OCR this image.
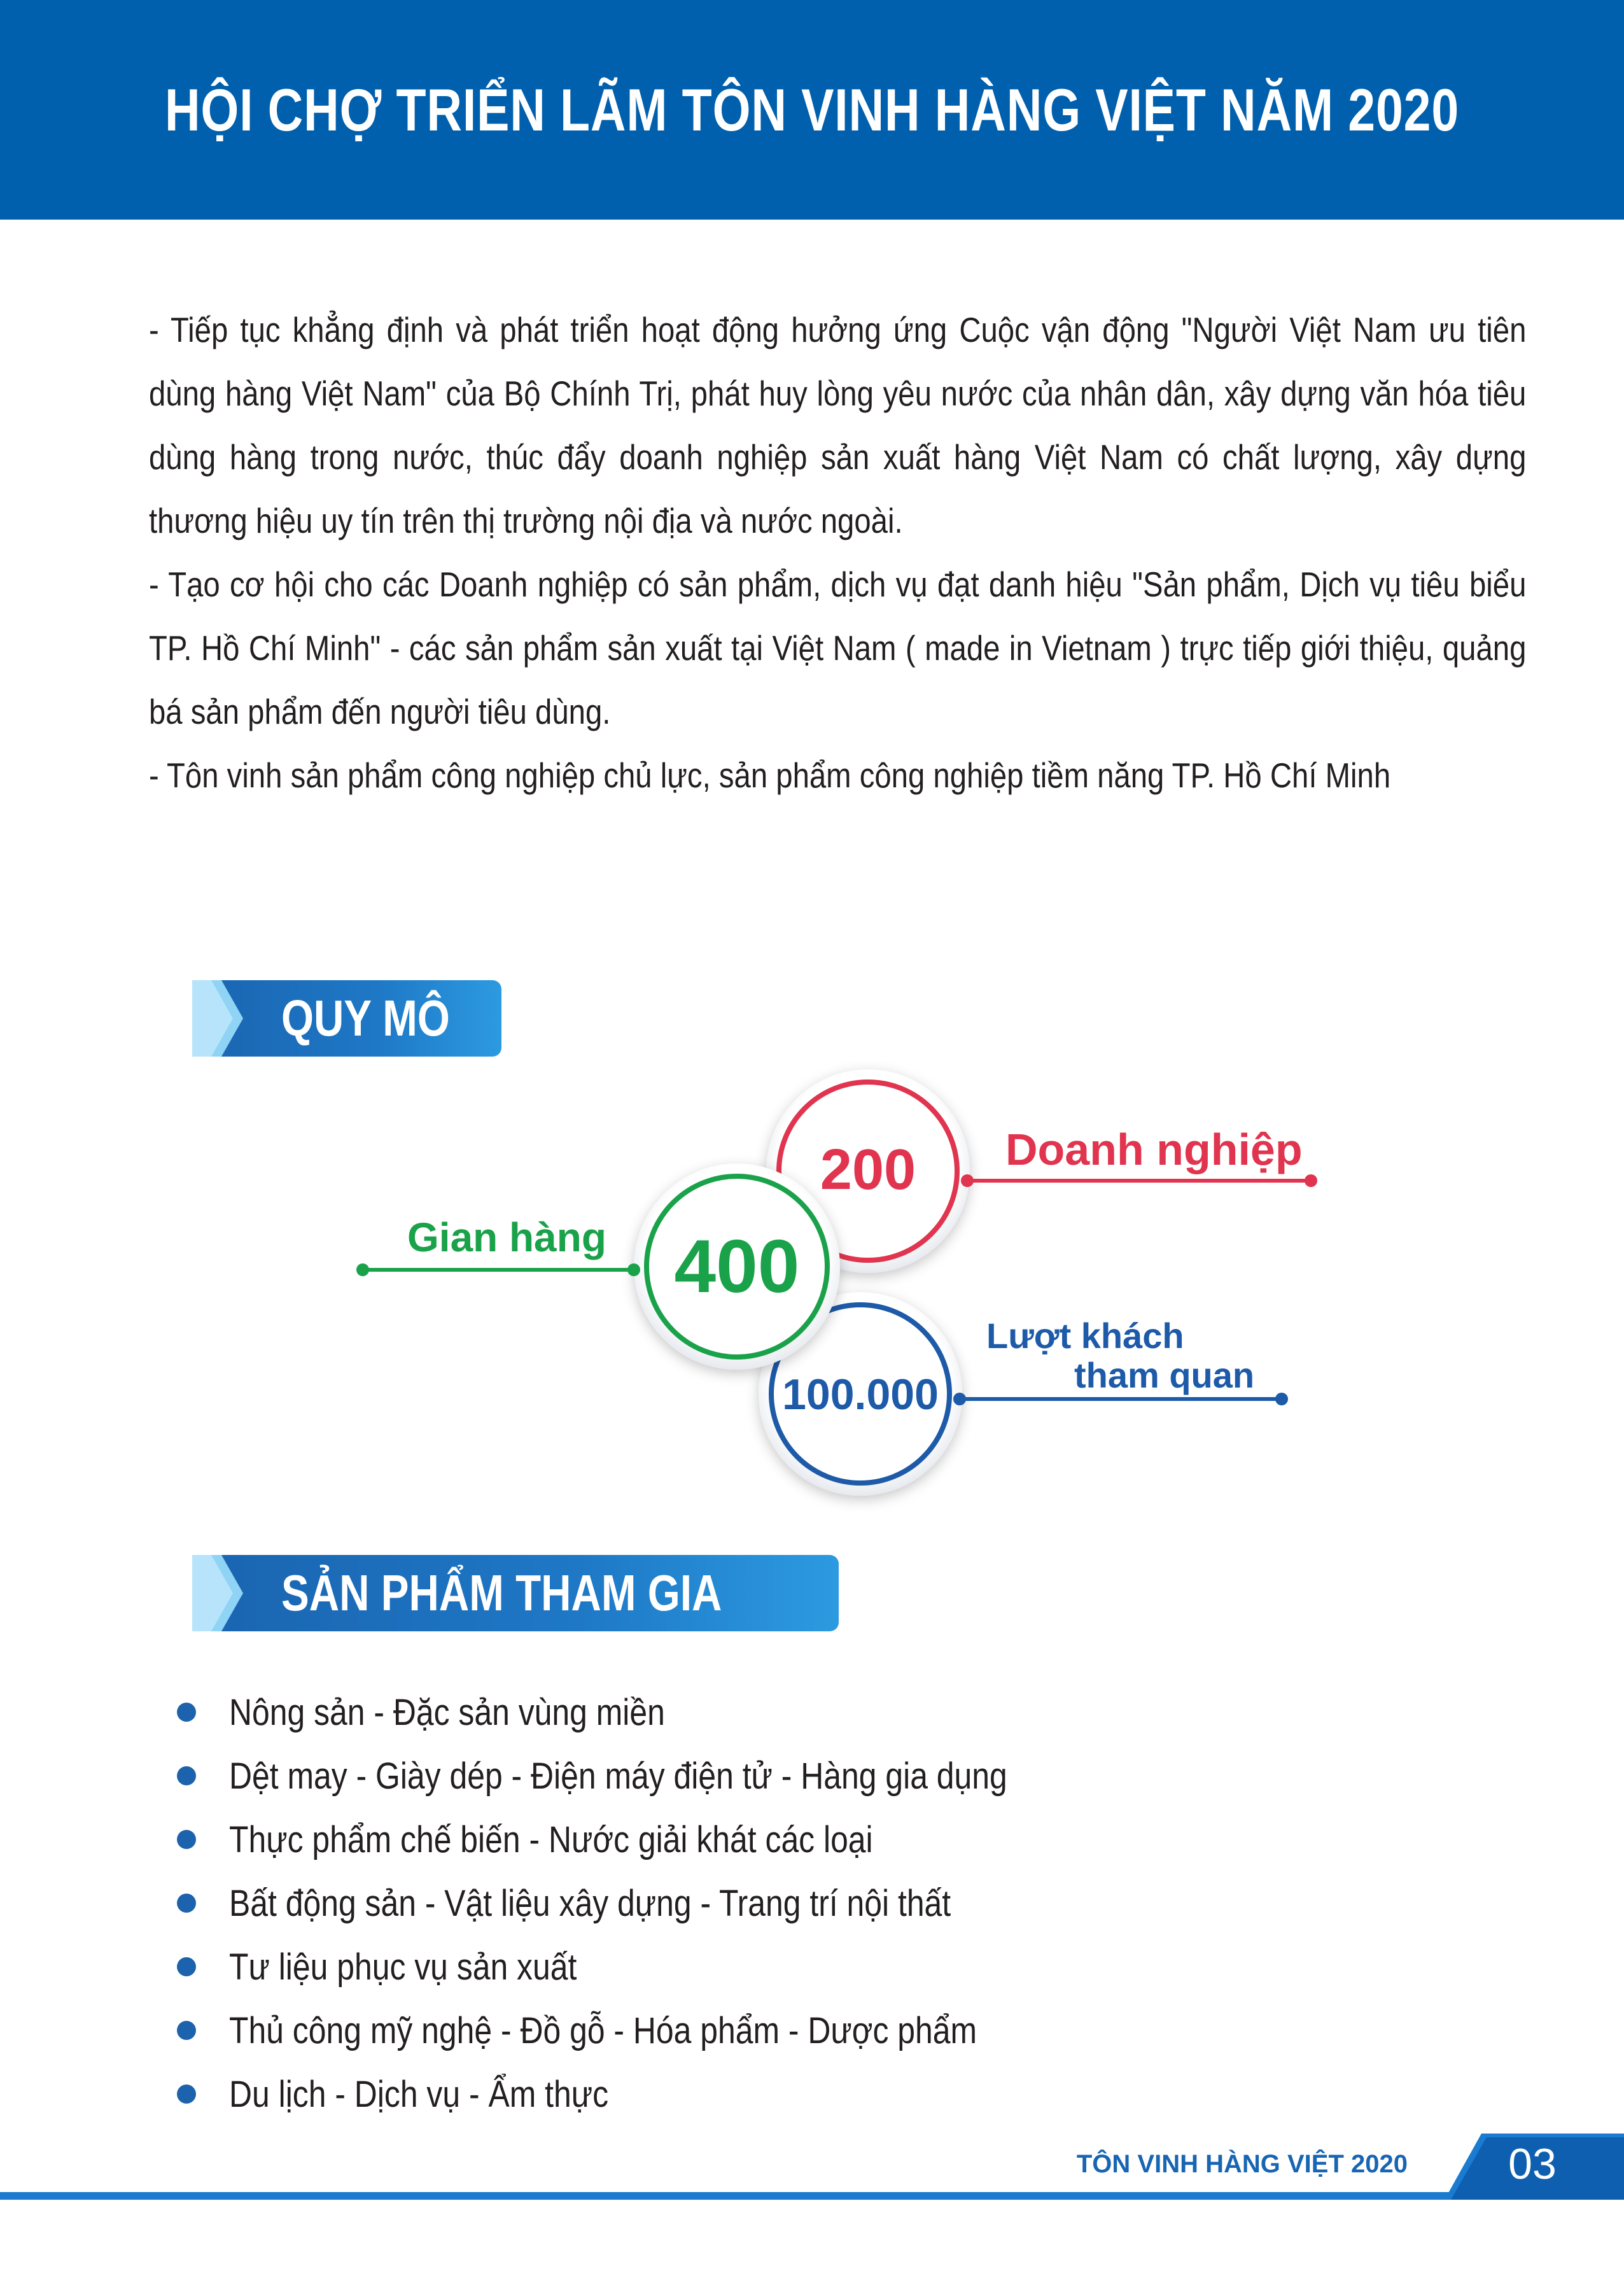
HỘI CHỢ TRIỂN LÃM TÔN VINH HÀNG VIỆT NĂM 2020

- Tiếp tục khẳng định và phát triển hoạt động hưởng ứng Cuộc vận động "Người Việt Nam ưu tiên dùng hàng Việt Nam" của Bộ Chính Trị, phát huy lòng yêu nước của nhân dân, xây dựng văn hóa tiêu dùng hàng trong nước, thúc đẩy doanh nghiệp sản xuất hàng Việt Nam có chất lượng, xây dựng thương hiệu uy tín trên thị trường nội địa và nước ngoài.

- Tạo cơ hội cho các Doanh nghiệp có sản phẩm, dịch vụ đạt danh hiệu "Sản phẩm, Dịch vụ tiêu biểu TP. Hồ Chí Minh" - các sản phẩm sản xuất tại Việt Nam ( made in Vietnam ) trực tiếp giới thiệu, quảng bá sản phẩm đến người tiêu dùng.

- Tôn vinh sản phẩm công nghiệp chủ lực, sản phẩm công nghiệp tiềm năng TP. Hồ Chí Minh

QUY MÔ
200 Doanh nghiệp
400
Gian hàng
100.000
Lượt khách
tham quan
SẢN PHẨM THAM GIA
Nông sản - Đặc sản vùng miền
Dệt may - Giày dép - Điện máy điện tử - Hàng gia dụng
Thực phẩm chế biến - Nước giải khát các loại
Bất động sản - Vật liệu xây dựng - Trang trí nội thất
Tư liệu phục vụ sản xuất
Thủ công mỹ nghệ - Đồ gỗ - Hóa phẩm - Dược phẩm
Du lịch - Dịch vụ - Ẩm thực
TÔN VINH HÀNG VIỆT 2020	03
